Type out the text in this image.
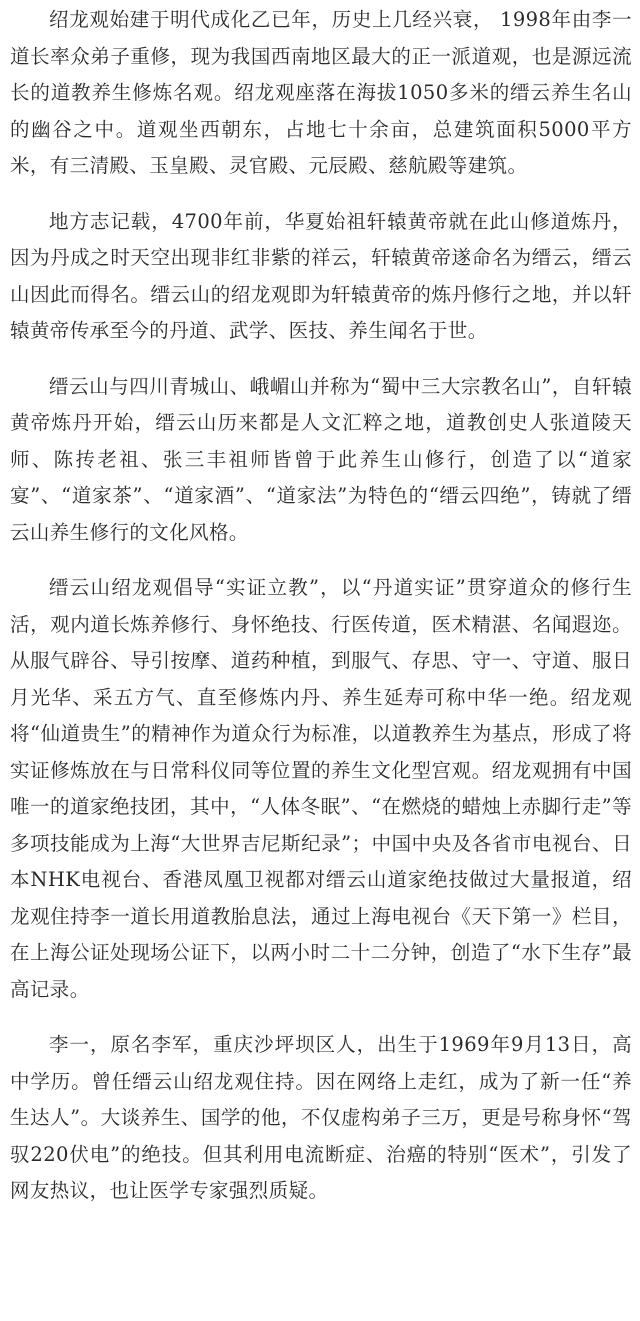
绍龙观始建于明代成化乙已年，历史上几经兴衰， 1998年由李一道长率众弟子重修，现为我国西南地区最大的正一派道观，也是源远流长的道教养生修炼名观。绍龙观座落在海拔1050多米的缙云养生名山的幽谷之中。道观坐西朝东，占地七十余亩，总建筑面积5000平方米，有三清殿、玉皇殿、灵官殿、元辰殿、慈航殿等建筑。

地方志记载，4700年前，华夏始祖轩辕黄帝就在此山修道炼丹，因为丹成之时天空出现非红非紫的祥云，轩辕黄帝遂命名为缙云，缙云山因此而得名。缙云山的绍龙观即为轩辕黄帝的炼丹修行之地，并以轩辕黄帝传承至今的丹道、武学、医技、养生闻名于世。

缙云山与四川青城山、峨嵋山并称为“蜀中三大宗教名山”，自轩辕黄帝炼丹开始，缙云山历来都是人文汇粹之地，道教创史人张道陵天师、陈抟老祖、张三丰祖师皆曾于此养生山修行，创造了以“道家宴”、“道家茶”、“道家酒”、“道家法”为特色的“缙云四绝”，铸就了缙云山养生修行的文化风格。

缙云山绍龙观倡导“实证立教”，以“丹道实证”贯穿道众的修行生活，观内道长炼养修行、身怀绝技、行医传道，医术精湛、名闻遐迩。从服气辟谷、导引按摩、道药种植，到服气、存思、守一、守道、服日月光华、采五方气、直至修炼内丹、养生延寿可称中华一绝。绍龙观将“仙道贵生”的精神作为道众行为标准，以道教养生为基点，形成了将实证修炼放在与日常科仪同等位置的养生文化型宫观。绍龙观拥有中国唯一的道家绝技团，其中，“人体冬眠”、“在燃烧的蜡烛上赤脚行走”等多项技能成为上海“大世界吉尼斯纪录”；中国中央及各省市电视台、日本NHK电视台、香港凤凰卫视都对缙云山道家绝技做过大量报道，绍龙观住持李一道长用道教胎息法，通过上海电视台《天下第一》栏目，在上海公证处现场公证下，以两小时二十二分钟，创造了“水下生存”最高记录。

李一，原名李军，重庆沙坪坝区人，出生于1969年9月13日，高中学历。曾任缙云山绍龙观住持。因在网络上走红，成为了新一任“养生达人”。大谈养生、国学的他，不仅虚构弟子三万，更是号称身怀“驾驭220伏电”的绝技。但其利用电流断症、治癌的特别“医术”，引发了网友热议，也让医学专家强烈质疑。
